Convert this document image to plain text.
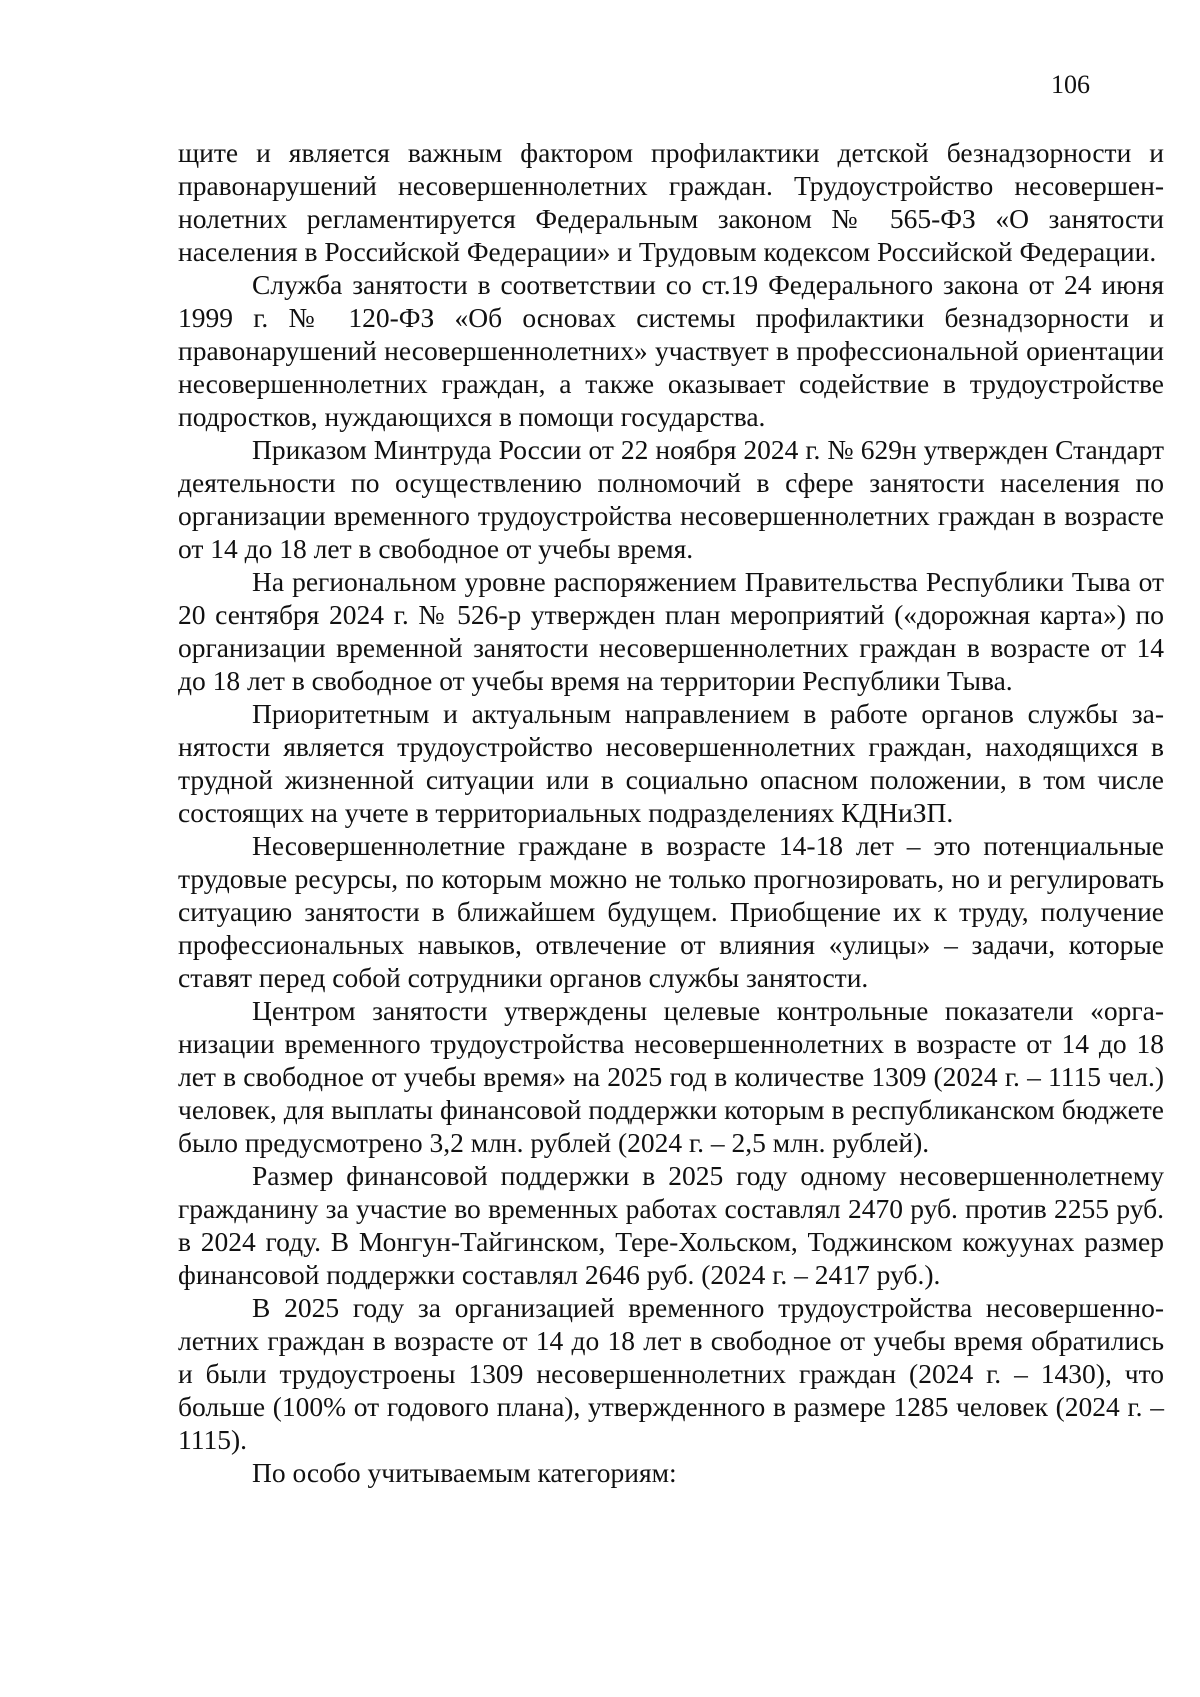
106

щите и является важным фактором профилактики детской безнадзорности и правонарушений несовершеннолетних граждан. Трудоустройство несовершеннолетних регламентируется Федеральным законом № 565-ФЗ «О занятости населения в Российской Федерации» и Трудовым кодексом Российской Федерации.

Служба занятости в соответствии со ст.19 Федерального закона от 24 июня 1999 г. № 120-ФЗ «Об основах системы профилактики безнадзорности и правонарушений несовершеннолетних» участвует в профессиональной ориентации несовершеннолетних граждан, а также оказывает содействие в трудоустройстве подростков, нуждающихся в помощи государства.

Приказом Минтруда России от 22 ноября 2024 г. № 629н утвержден Стандарт деятельности по осуществлению полномочий в сфере занятости населения по организации временного трудоустройства несовершеннолетних граждан в возрасте от 14 до 18 лет в свободное от учебы время.

На региональном уровне распоряжением Правительства Республики Тыва от 20 сентября 2024 г. № 526-р утвержден план мероприятий («дорожная карта») по организации временной занятости несовершеннолетних граждан в возрасте от 14 до 18 лет в свободное от учебы время на территории Республики Тыва.

Приоритетным и актуальным направлением в работе органов службы занятости является трудоустройство несовершеннолетних граждан, находящихся в трудной жизненной ситуации или в социально опасном положении, в том числе состоящих на учете в территориальных подразделениях КДНиЗП.

Несовершеннолетние граждане в возрасте 14-18 лет – это потенциальные трудовые ресурсы, по которым можно не только прогнозировать, но и регулировать ситуацию занятости в ближайшем будущем. Приобщение их к труду, получение профессиональных навыков, отвлечение от влияния «улицы» – задачи, которые ставят перед собой сотрудники органов службы занятости.

Центром занятости утверждены целевые контрольные показатели «организации временного трудоустройства несовершеннолетних в возрасте от 14 до 18 лет в свободное от учебы время» на 2025 год в количестве 1309 (2024 г. – 1115 чел.) человек, для выплаты финансовой поддержки которым в республиканском бюджете было предусмотрено 3,2 млн. рублей (2024 г. – 2,5 млн. рублей).

Размер финансовой поддержки в 2025 году одному несовершеннолетнему гражданину за участие во временных работах составлял 2470 руб. против 2255 руб. в 2024 году. В Монгун-Тайгинском, Тере-Хольском, Тоджинском кожуунах размер финансовой поддержки составлял 2646 руб. (2024 г. – 2417 руб.).

В 2025 году за организацией временного трудоустройства несовершеннолетних граждан в возрасте от 14 до 18 лет в свободное от учебы время обратились и были трудоустроены 1309 несовершеннолетних граждан (2024 г. – 1430), что больше (100% от годового плана), утвержденного в размере 1285 человек (2024 г. – 1115).

По особо учитываемым категориям:
